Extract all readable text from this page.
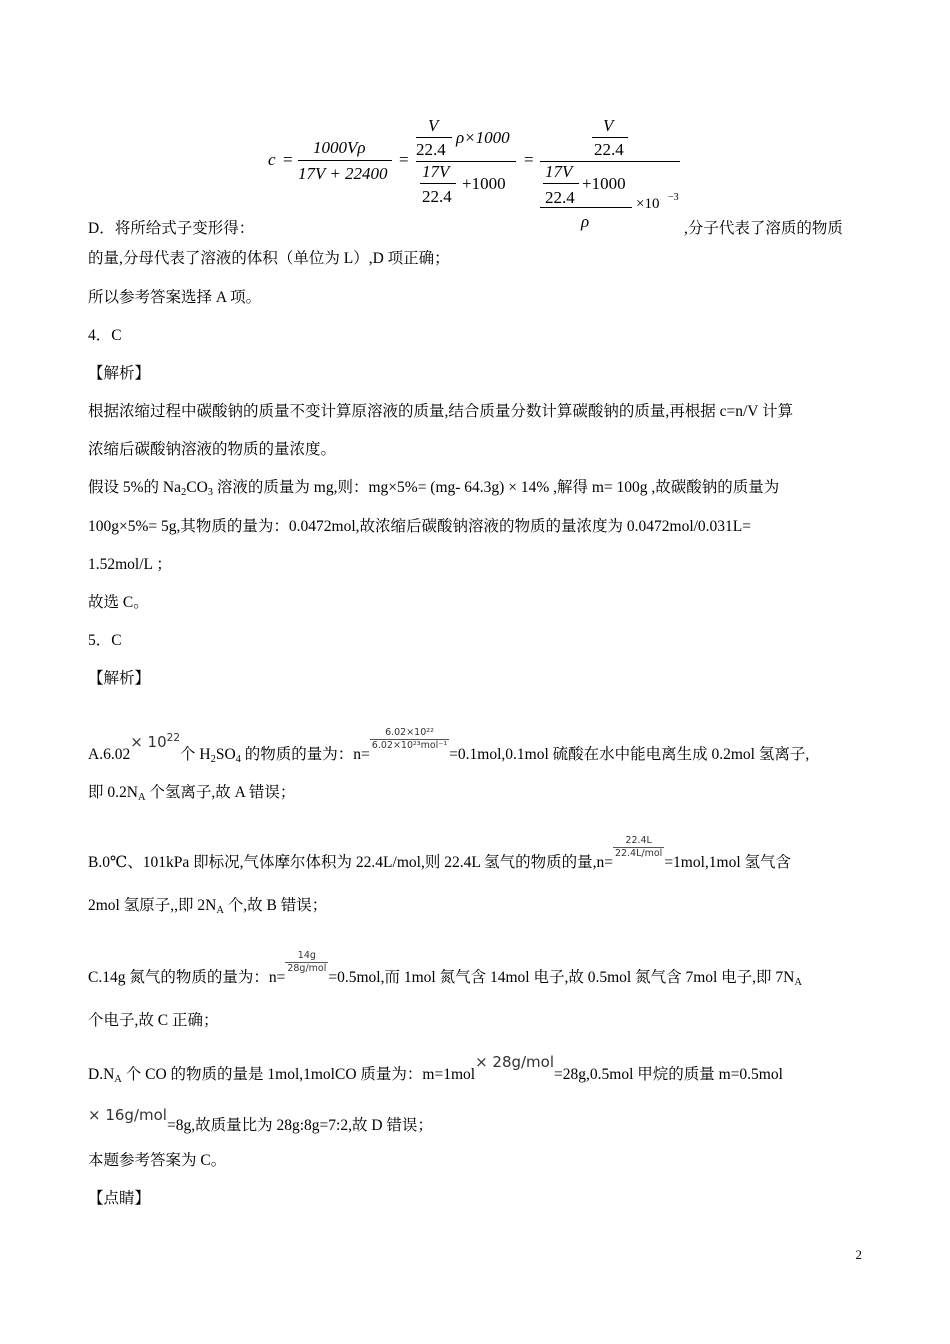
c =
1000Vρ
17V + 22400
=
V
22.4
ρ×1000
17V
22.4
+1000
=
V
22.4
17V
+1000
22.4	×10 −3
ρ
D．将所给式子变形得：	,分子代表了溶质的物质
的量,分母代表了溶液的体积（单位为 L）,D 项正确；
所以参考答案选择 A 项。
4．C
【解析】
根据浓缩过程中碳酸钠的质量不变计算原溶液的质量,结合质量分数计算碳酸钠的质量,再根据 c=n/V 计算
浓缩后碳酸钠溶液的物质的量浓度。
假设 5%的 $Na_2CO_3$ 溶液的质量为 mg,则：mg×5%= (mg- 64.3g) × 14% ,解得 m= 100g ,故碳酸钠的质量为
100g×5%= 5g,其物质的量为：0.0472mol,故浓缩后碳酸钠溶液的物质的量浓度为 0.0472mol/0.031L=
1.52mol/L ；
故选 C。
5．C
【解析】
$A.6.02\times 10^{22}$个 $H_2SO_4$ 的物质的量为：n=
$\frac{\text{6.02×10²²}}{\text{6.02×10²³mol⁻¹}}$
=0.1mol,0.1mol 硫酸在水中能电离生成 0.2mol 氢离子,
即 $0.2N_A$ 个氢离子,故 A 错误；
B.0℃、101kPa 即标况,气体摩尔体积为 22.4L/mol,则 22.4L 氢气的物质的量,n=
$\frac{22.4L}{\text{22.4L/mol}}$
=1mol,1mol 氢气含
2mol 氢原子,,即 $2N_A$ 个,故 B 错误；
C.14g 氮气的物质的量为：n=
$\frac{14g}{\text{28g/mol}}$
=0.5mol,而 1mol 氮气含 14mol 电子,故 0.5mol 氮气含 7mol 电子,即 $7N_A$
个电子,故 C 正确；
$D.N_A$ 个 CO 的物质的量是 1mol,1molCO 质量为：m=1mol× 28g/mol=28g,0.5mol 甲烷的质量 m=0.5mol
× 16g/mol=8g,故质量比为 28g:8g=7:2,故 D 错误；
本题参考答案为 C。
【点睛】
2
